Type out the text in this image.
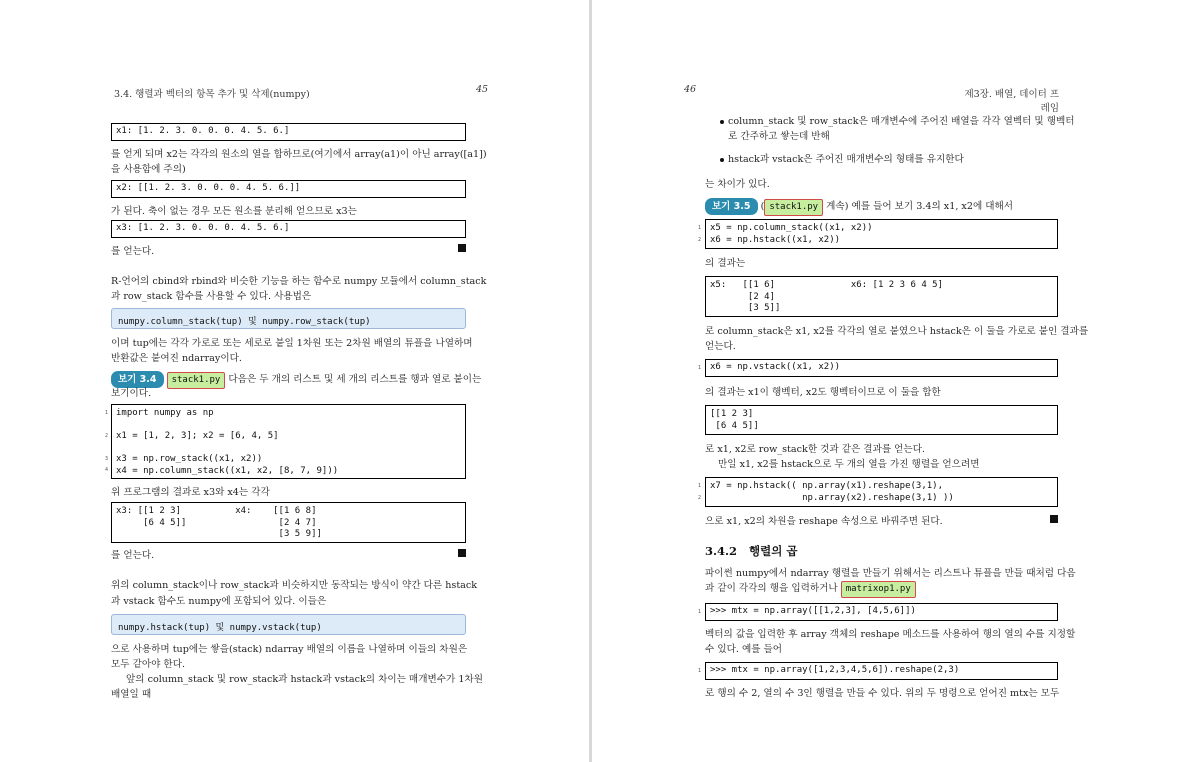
3.4. 행렬과 벡터의 항목 추가 및 삭제(numpy)	45
x1: [1. 2. 3. 0. 0. 0. 4. 5. 6.]
를 얻게 되며 x2는 각각의 원소의 열을 합하므로(여기에서 array(a1)이 아닌 array([a1])
을 사용함에 주의)
x2: [[1. 2. 3. 0. 0. 0. 4. 5. 6.]]
가 된다. 축이 없는 경우 모든 원소를 분리해 얻으므로 x3는
x3: [1. 2. 3. 0. 0. 0. 4. 5. 6.]
를 얻는다.
R-언어의 cbind와 rbind와 비슷한 기능을 하는 함수로 numpy 모듈에서 column_stack
과 row_stack 함수를 사용할 수 있다. 사용법은
numpy.column_stack(tup) 및 numpy.row_stack(tup)
이며 tup에는 각각 가로로 또는 세로로 붙일 1차원 또는 2차원 배열의 튜플을 나열하며
반환값은 붙여진 ndarray이다.
보기 3.4 stack1.py 다음은 두 개의 리스트 및 세 개의 리스트를 행과 열로 붙이는
보기이다.
import numpy as np

x1 = [1, 2, 3]; x2 = [6, 4, 5]

x3 = np.row_stack((x1, x2))
x4 = np.column_stack((x1, x2, [8, 7, 9]))
1
2
3
4
위 프로그램의 결과로 x3와 x4는 각각
x3: [[1 2 3]          x4:    [[1 6 8]
[6 4 5]]                 [2 4 7]
[3 5 9]]
를 얻는다.
위의 column_stack이나 row_stack과 비슷하지만 동작되는 방식이 약간 다른 hstack
과 vstack 함수도 numpy에 포함되어 있다. 이들은
numpy.hstack(tup) 및 numpy.vstack(tup)
으로 사용하며 tup에는 쌓을(stack) ndarray 배열의 이름을 나열하며 이들의 차원은
모두 같아야 한다.
앞의 column_stack 및 row_stack과 hstack과 vstack의 차이는 매개변수가 1차원
배열일 때
46	제3장. 배열, 데이터 프레임
column_stack 및 row_stack은 매개변수에 주어진 배열을 각각 열벡터 및 행벡터
로 간주하고 쌓는데 반해
hstack과 vstack은 주어진 매개변수의 형태를 유지한다
는 차이가 있다.
보기 3.5 ( stack1.py 계속) 예를 들어 보기 3.4의 x1, x2에 대해서
x5 = np.column_stack((x1, x2))
x6 = np.hstack((x1, x2))
1
2
의 결과는
x5:   [[1 6]              x6: [1 2 3 6 4 5]
[2 4]
[3 5]]
로 column_stack은 x1, x2를 각각의 열로 붙였으나 hstack은 이 둘을 가로로 붙인 결과를
얻는다.
x6 = np.vstack((x1, x2))
1
의 결과는 x1이 행벡터, x2도 행벡터이므로 이 둘을 합한
[[1 2 3]
[6 4 5]]
로 x1, x2로 row_stack한 것과 같은 결과를 얻는다.
만일 x1, x2를 hstack으로 두 개의 열을 가진 행렬을 얻으려면
x7 = np.hstack(( np.array(x1).reshape(3,1),
np.array(x2).reshape(3,1) ))
1
2
으로 x1, x2의 차원을 reshape 속성으로 바꿔주면 된다.
3.4.2 행렬의 곱
파이썬 numpy에서 ndarray 행렬을 만들기 위해서는 리스트나 튜플을 만들 때처럼 다음
과 같이 각각의 행을 입력하거나 matrixop1.py
>>> mtx = np.array([[1,2,3], [4,5,6]])
1
벡터의 값을 입력한 후 array 객체의 reshape 메소드를 사용하여 행의 열의 수를 지정할
수 있다. 예를 들어
>>> mtx = np.array([1,2,3,4,5,6]).reshape(2,3)
1
로 행의 수 2, 열의 수 3인 행렬을 만들 수 있다. 위의 두 명령으로 얻어진 mtx는 모두
